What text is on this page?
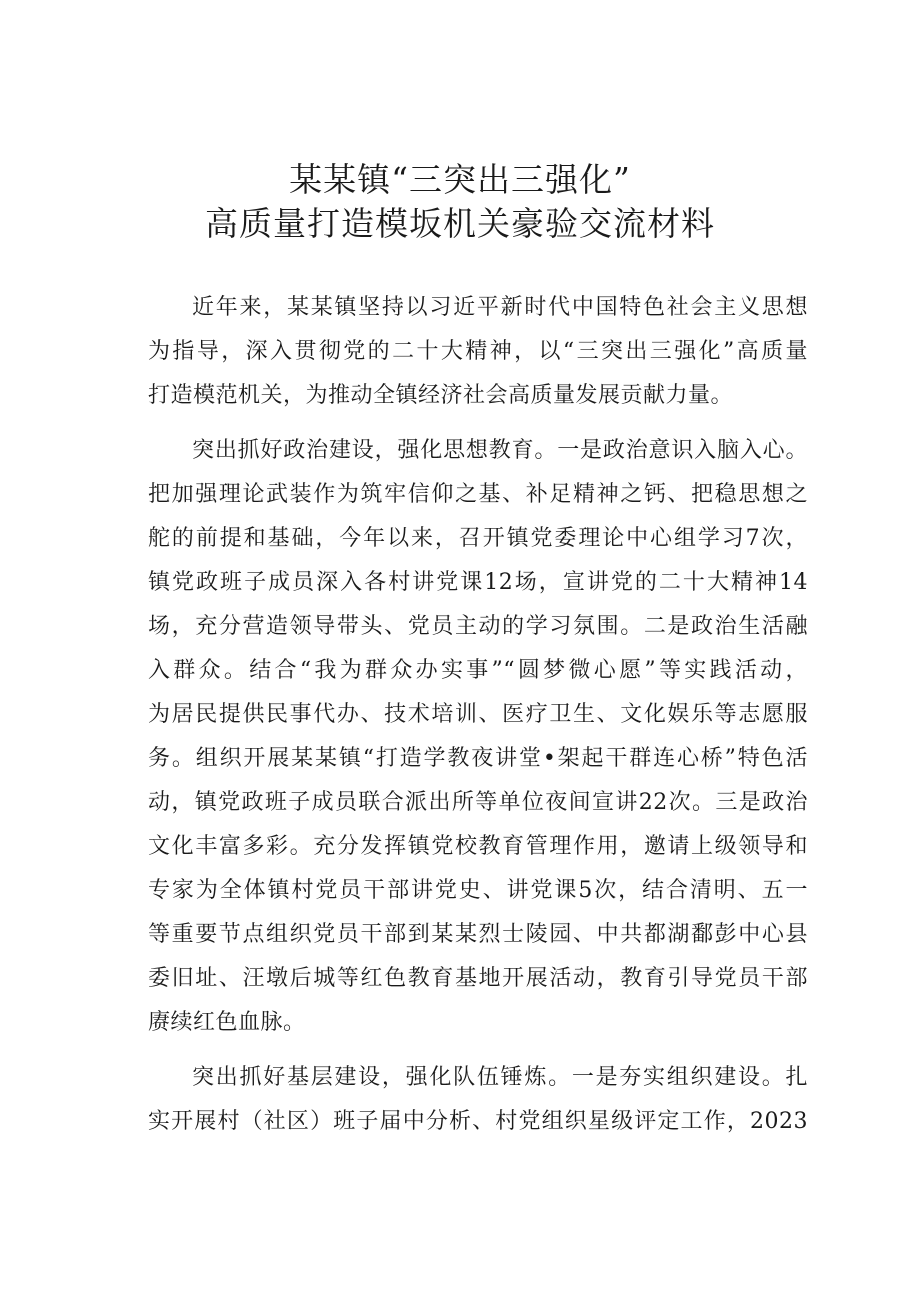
某某镇“三突出三强化”
高质量打造模坂机关豪验交流材料
近年来，某某镇坚持以习近平新时代中国特色社会主义思想
为指导，深入贯彻党的二十大精神，以“三突出三强化”高质量
打造模范机关，为推动全镇经济社会高质量发展贡献力量。
突出抓好政治建设，强化思想教育。一是政治意识入脑入心。
把加强理论武装作为筑牢信仰之基、补足精神之钙、把稳思想之
舵的前提和基础，今年以来，召开镇党委理论中心组学习7次，
镇党政班子成员深入各村讲党课12场，宣讲党的二十大精神14
场，充分营造领导带头、党员主动的学习氛围。二是政治生活融
入群众。结合“我为群众办实事”“圆梦微心愿”等实践活动，
为居民提供民事代办、技术培训、医疗卫生、文化娱乐等志愿服
务。组织开展某某镇“打造学教夜讲堂•架起干群连心桥”特色活
动，镇党政班子成员联合派出所等单位夜间宣讲22次。三是政治
文化丰富多彩。充分发挥镇党校教育管理作用，邀请上级领导和
专家为全体镇村党员干部讲党史、讲党课5次，结合清明、五一
等重要节点组织党员干部到某某烈士陵园、中共都湖鄱彭中心县
委旧址、汪墩后城等红色教育基地开展活动，教育引导党员干部
赓续红色血脉。
突出抓好基层建设，强化队伍锤炼。一是夯实组织建设。扎
实开展村（社区）班子届中分析、村党组织星级评定工作，2023
